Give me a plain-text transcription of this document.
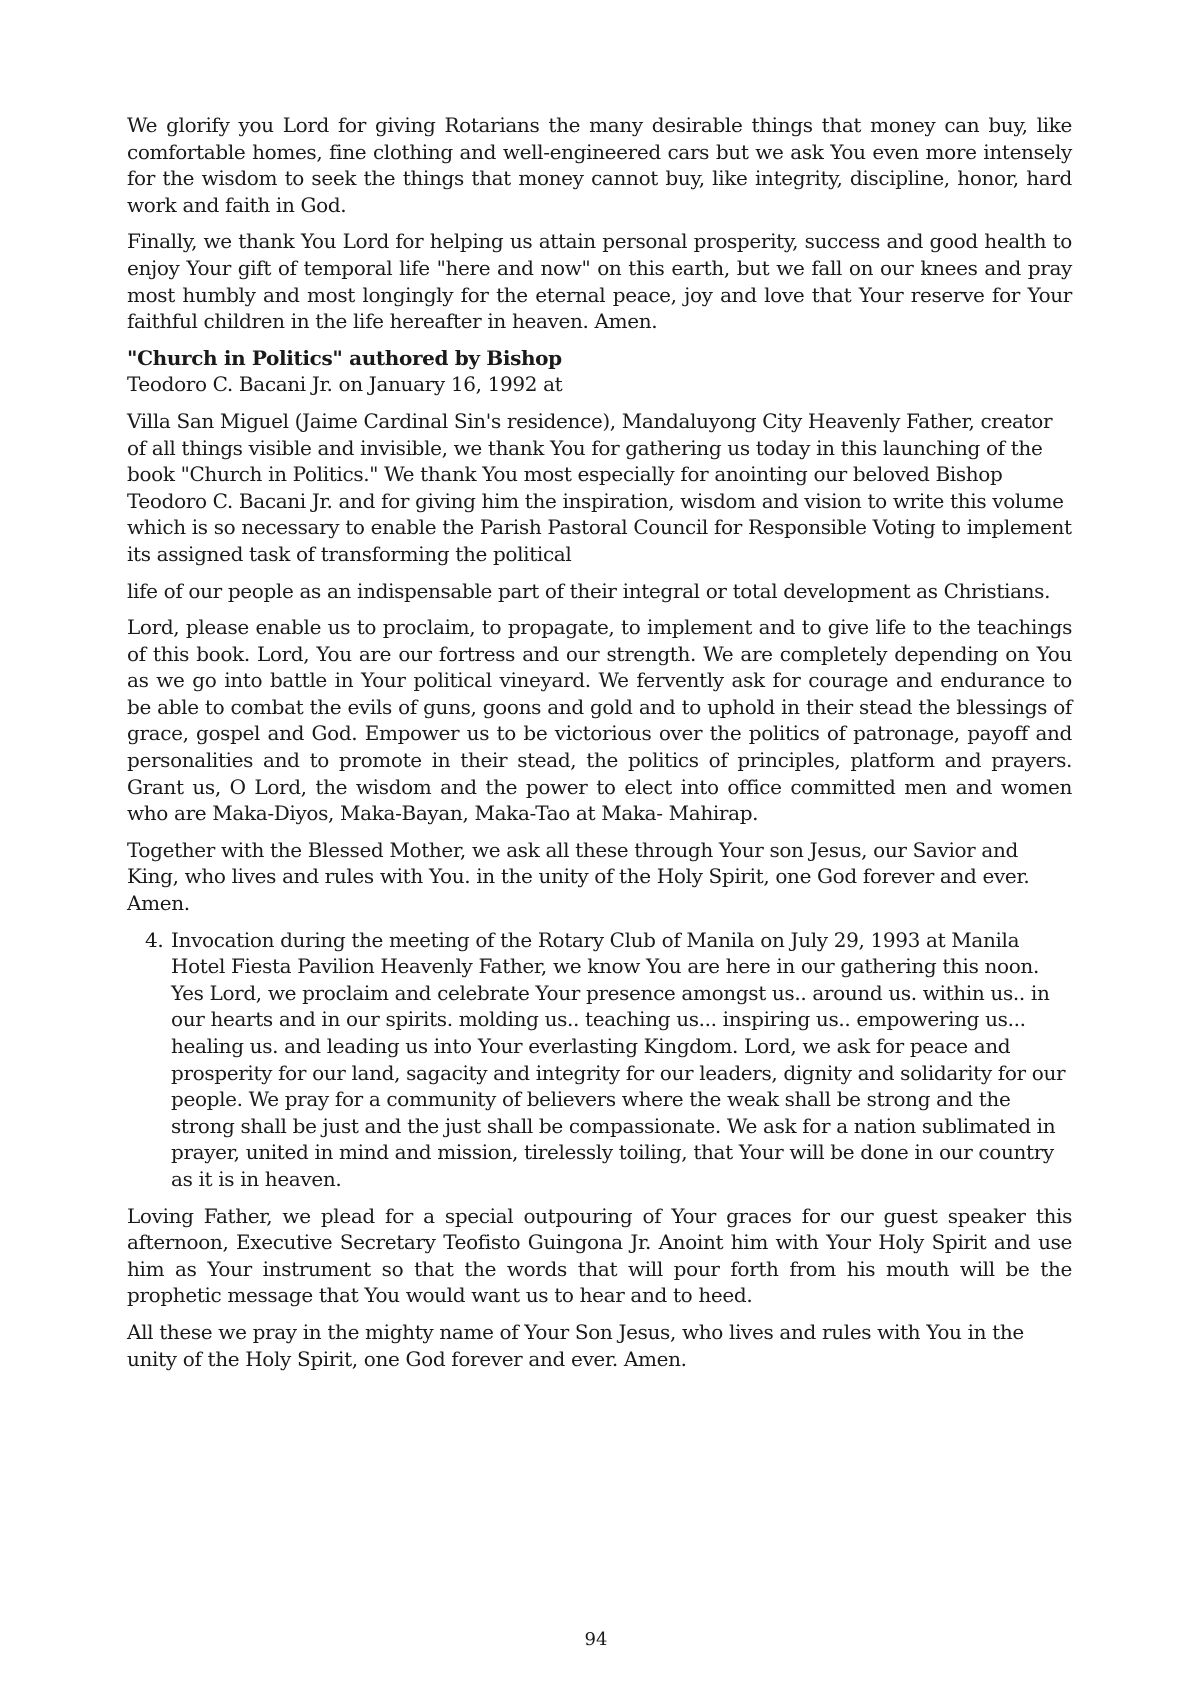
We glorify you Lord for giving Rotarians the many desirable things that money can buy, like comfortable homes, fine clothing and well-engineered cars but we ask You even more intensely for the wisdom to seek the things that money cannot buy, like integrity, discipline, honor, hard work and faith in God.

Finally, we thank You Lord for helping us attain personal prosperity, success and good health to enjoy Your gift of temporal life "here and now" on this earth, but we fall on our knees and pray most humbly and most longingly for the eternal peace, joy and love that Your reserve for Your faithful children in the life hereafter in heaven. Amen.

"Church in Politics" authored by Bishop

Teodoro C. Bacani Jr. on January 16, 1992 at

Villa San Miguel (Jaime Cardinal Sin's residence), Mandaluyong City Heavenly Father, creator of all things visible and invisible, we thank You for gathering us today in this launching of the book "Church in Politics." We thank You most especially for anointing our beloved Bishop Teodoro C. Bacani Jr. and for giving him the inspiration, wisdom and vision to write this volume which is so necessary to enable the Parish Pastoral Council for Responsible Voting to implement its assigned task of transforming the political

life of our people as an indispensable part of their integral or total development as Christians.

Lord, please enable us to proclaim, to propagate, to implement and to give life to the teachings of this book. Lord, You are our fortress and our strength. We are completely depending on You as we go into battle in Your political vineyard. We fervently ask for courage and endurance to be able to combat the evils of guns, goons and gold and to uphold in their stead the blessings of grace, gospel and God. Empower us to be victorious over the politics of patronage, payoff and personalities and to promote in their stead, the politics of principles, platform and prayers. Grant us, O Lord, the wisdom and the power to elect into office committed men and women who are Maka-Diyos, Maka-Bayan, Maka-Tao at Maka- Mahirap.

Together with the Blessed Mother, we ask all these through Your son Jesus, our Savior and King, who lives and rules with You. in the unity of the Holy Spirit, one God forever and ever. Amen.

4. Invocation during the meeting of the Rotary Club of Manila on July 29, 1993 at Manila Hotel Fiesta Pavilion Heavenly Father, we know You are here in our gathering this noon. Yes Lord, we proclaim and celebrate Your presence amongst us.. around us. within us.. in our hearts and in our spirits. molding us.. teaching us... inspiring us.. empowering us... healing us. and leading us into Your everlasting Kingdom. Lord, we ask for peace and prosperity for our land, sagacity and integrity for our leaders, dignity and solidarity for our people. We pray for a community of believers where the weak shall be strong and the strong shall be just and the just shall be compassionate. We ask for a nation sublimated in prayer, united in mind and mission, tirelessly toiling, that Your will be done in our country as it is in heaven.

Loving Father, we plead for a special outpouring of Your graces for our guest speaker this afternoon, Executive Secretary Teofisto Guingona Jr. Anoint him with Your Holy Spirit and use him as Your instrument so that the words that will pour forth from his mouth will be the prophetic message that You would want us to hear and to heed.

All these we pray in the mighty name of Your Son Jesus, who lives and rules with You in the unity of the Holy Spirit, one God forever and ever. Amen.

94
